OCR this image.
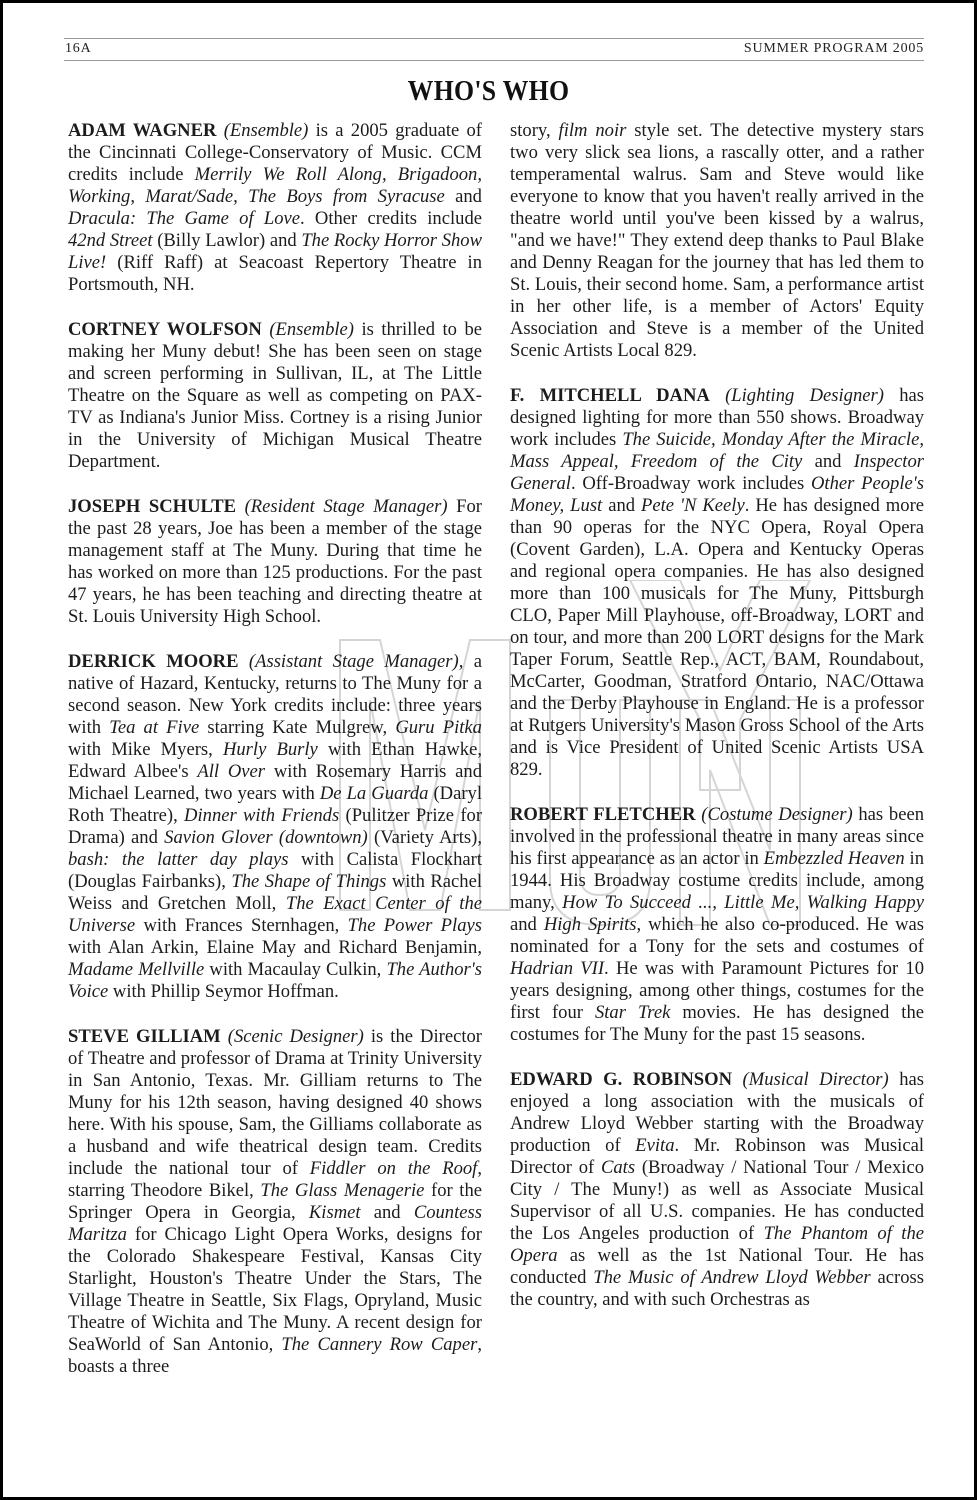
16A	SUMMER PROGRAM 2005
WHO'S WHO

ADAM WAGNER (Ensemble) is a 2005 graduate of the Cincinnati College-Conservatory of Music. CCM credits include Merrily We Roll Along, Brigadoon, Working, Marat/Sade, The Boys from Syracuse and Dracula: The Game of Love. Other credits include 42nd Street (Billy Lawlor) and The Rocky Horror Show Live! (Riff Raff) at Seacoast Repertory Theatre in Portsmouth, NH.

CORTNEY WOLFSON (Ensemble) is thrilled to be making her Muny debut! She has been seen on stage and screen performing in Sullivan, IL, at The Little Theatre on the Square as well as competing on PAX-TV as Indiana's Junior Miss. Cortney is a rising Junior in the University of Michigan Musical Theatre Department.

JOSEPH SCHULTE (Resident Stage Manager) For the past 28 years, Joe has been a member of the stage management staff at The Muny. During that time he has worked on more than 125 productions. For the past 47 years, he has been teaching and directing theatre at St. Louis University High School.

DERRICK MOORE (Assistant Stage Manager), a native of Hazard, Kentucky, returns to The Muny for a second season. New York credits include: three years with Tea at Five starring Kate Mulgrew, Guru Pitka with Mike Myers, Hurly Burly with Ethan Hawke, Edward Albee's All Over with Rosemary Harris and Michael Learned, two years with De La Guarda (Daryl Roth Theatre), Dinner with Friends (Pulitzer Prize for Drama) and Savion Glover (downtown) (Variety Arts), bash: the latter day plays with Calista Flockhart (Douglas Fairbanks), The Shape of Things with Rachel Weiss and Gretchen Moll, The Exact Center of the Universe with Frances Sternhagen, The Power Plays with Alan Arkin, Elaine May and Richard Benjamin, Madame Mellville with Macaulay Culkin, The Author's Voice with Phillip Seymor Hoffman.

STEVE GILLIAM (Scenic Designer) is the Director of Theatre and professor of Drama at Trinity University in San Antonio, Texas. Mr. Gilliam returns to The Muny for his 12th season, having designed 40 shows here. With his spouse, Sam, the Gilliams collaborate as a husband and wife theatrical design team. Credits include the national tour of Fiddler on the Roof, starring Theodore Bikel, The Glass Menagerie for the Springer Opera in Georgia, Kismet and Countess Maritza for Chicago Light Opera Works, designs for the Colorado Shakespeare Festival, Kansas City Starlight, Houston's Theatre Under the Stars, The Village Theatre in Seattle, Six Flags, Opryland, Music Theatre of Wichita and The Muny. A recent design for SeaWorld of San Antonio, The Cannery Row Caper, boasts a three

story, film noir style set. The detective mystery stars two very slick sea lions, a rascally otter, and a rather temperamental walrus. Sam and Steve would like everyone to know that you haven't really arrived in the theatre world until you've been kissed by a walrus, "and we have!" They extend deep thanks to Paul Blake and Denny Reagan for the journey that has led them to St. Louis, their second home. Sam, a performance artist in her other life, is a member of Actors' Equity Association and Steve is a member of the United Scenic Artists Local 829.

F. MITCHELL DANA (Lighting Designer) has designed lighting for more than 550 shows. Broadway work includes The Suicide, Monday After the Miracle, Mass Appeal, Freedom of the City and Inspector General. Off-Broadway work includes Other People's Money, Lust and Pete 'N Keely. He has designed more than 90 operas for the NYC Opera, Royal Opera (Covent Garden), L.A. Opera and Kentucky Operas and regional opera companies. He has also designed more than 100 musicals for The Muny, Pittsburgh CLO, Paper Mill Playhouse, off-Broadway, LORT and on tour, and more than 200 LORT designs for the Mark Taper Forum, Seattle Rep., ACT, BAM, Roundabout, McCarter, Goodman, Stratford Ontario, NAC/Ottawa and the Derby Playhouse in England. He is a professor at Rutgers University's Mason Gross School of the Arts and is Vice President of United Scenic Artists USA 829.

ROBERT FLETCHER (Costume Designer) has been involved in the professional theatre in many areas since his first appearance as an actor in Embezzled Heaven in 1944. His Broadway costume credits include, among many, How To Succeed ..., Little Me, Walking Happy and High Spirits, which he also co-produced. He was nominated for a Tony for the sets and costumes of Hadrian VII. He was with Paramount Pictures for 10 years designing, among other things, costumes for the first four Star Trek movies. He has designed the costumes for The Muny for the past 15 seasons.

EDWARD G. ROBINSON (Musical Director) has enjoyed a long association with the musicals of Andrew Lloyd Webber starting with the Broadway production of Evita. Mr. Robinson was Musical Director of Cats (Broadway / National Tour / Mexico City / The Muny!) as well as Associate Musical Supervisor of all U.S. companies. He has conducted the Los Angeles production of The Phantom of the Opera as well as the 1st National Tour. He has conducted The Music of Andrew Lloyd Webber across the country, and with such Orchestras as
